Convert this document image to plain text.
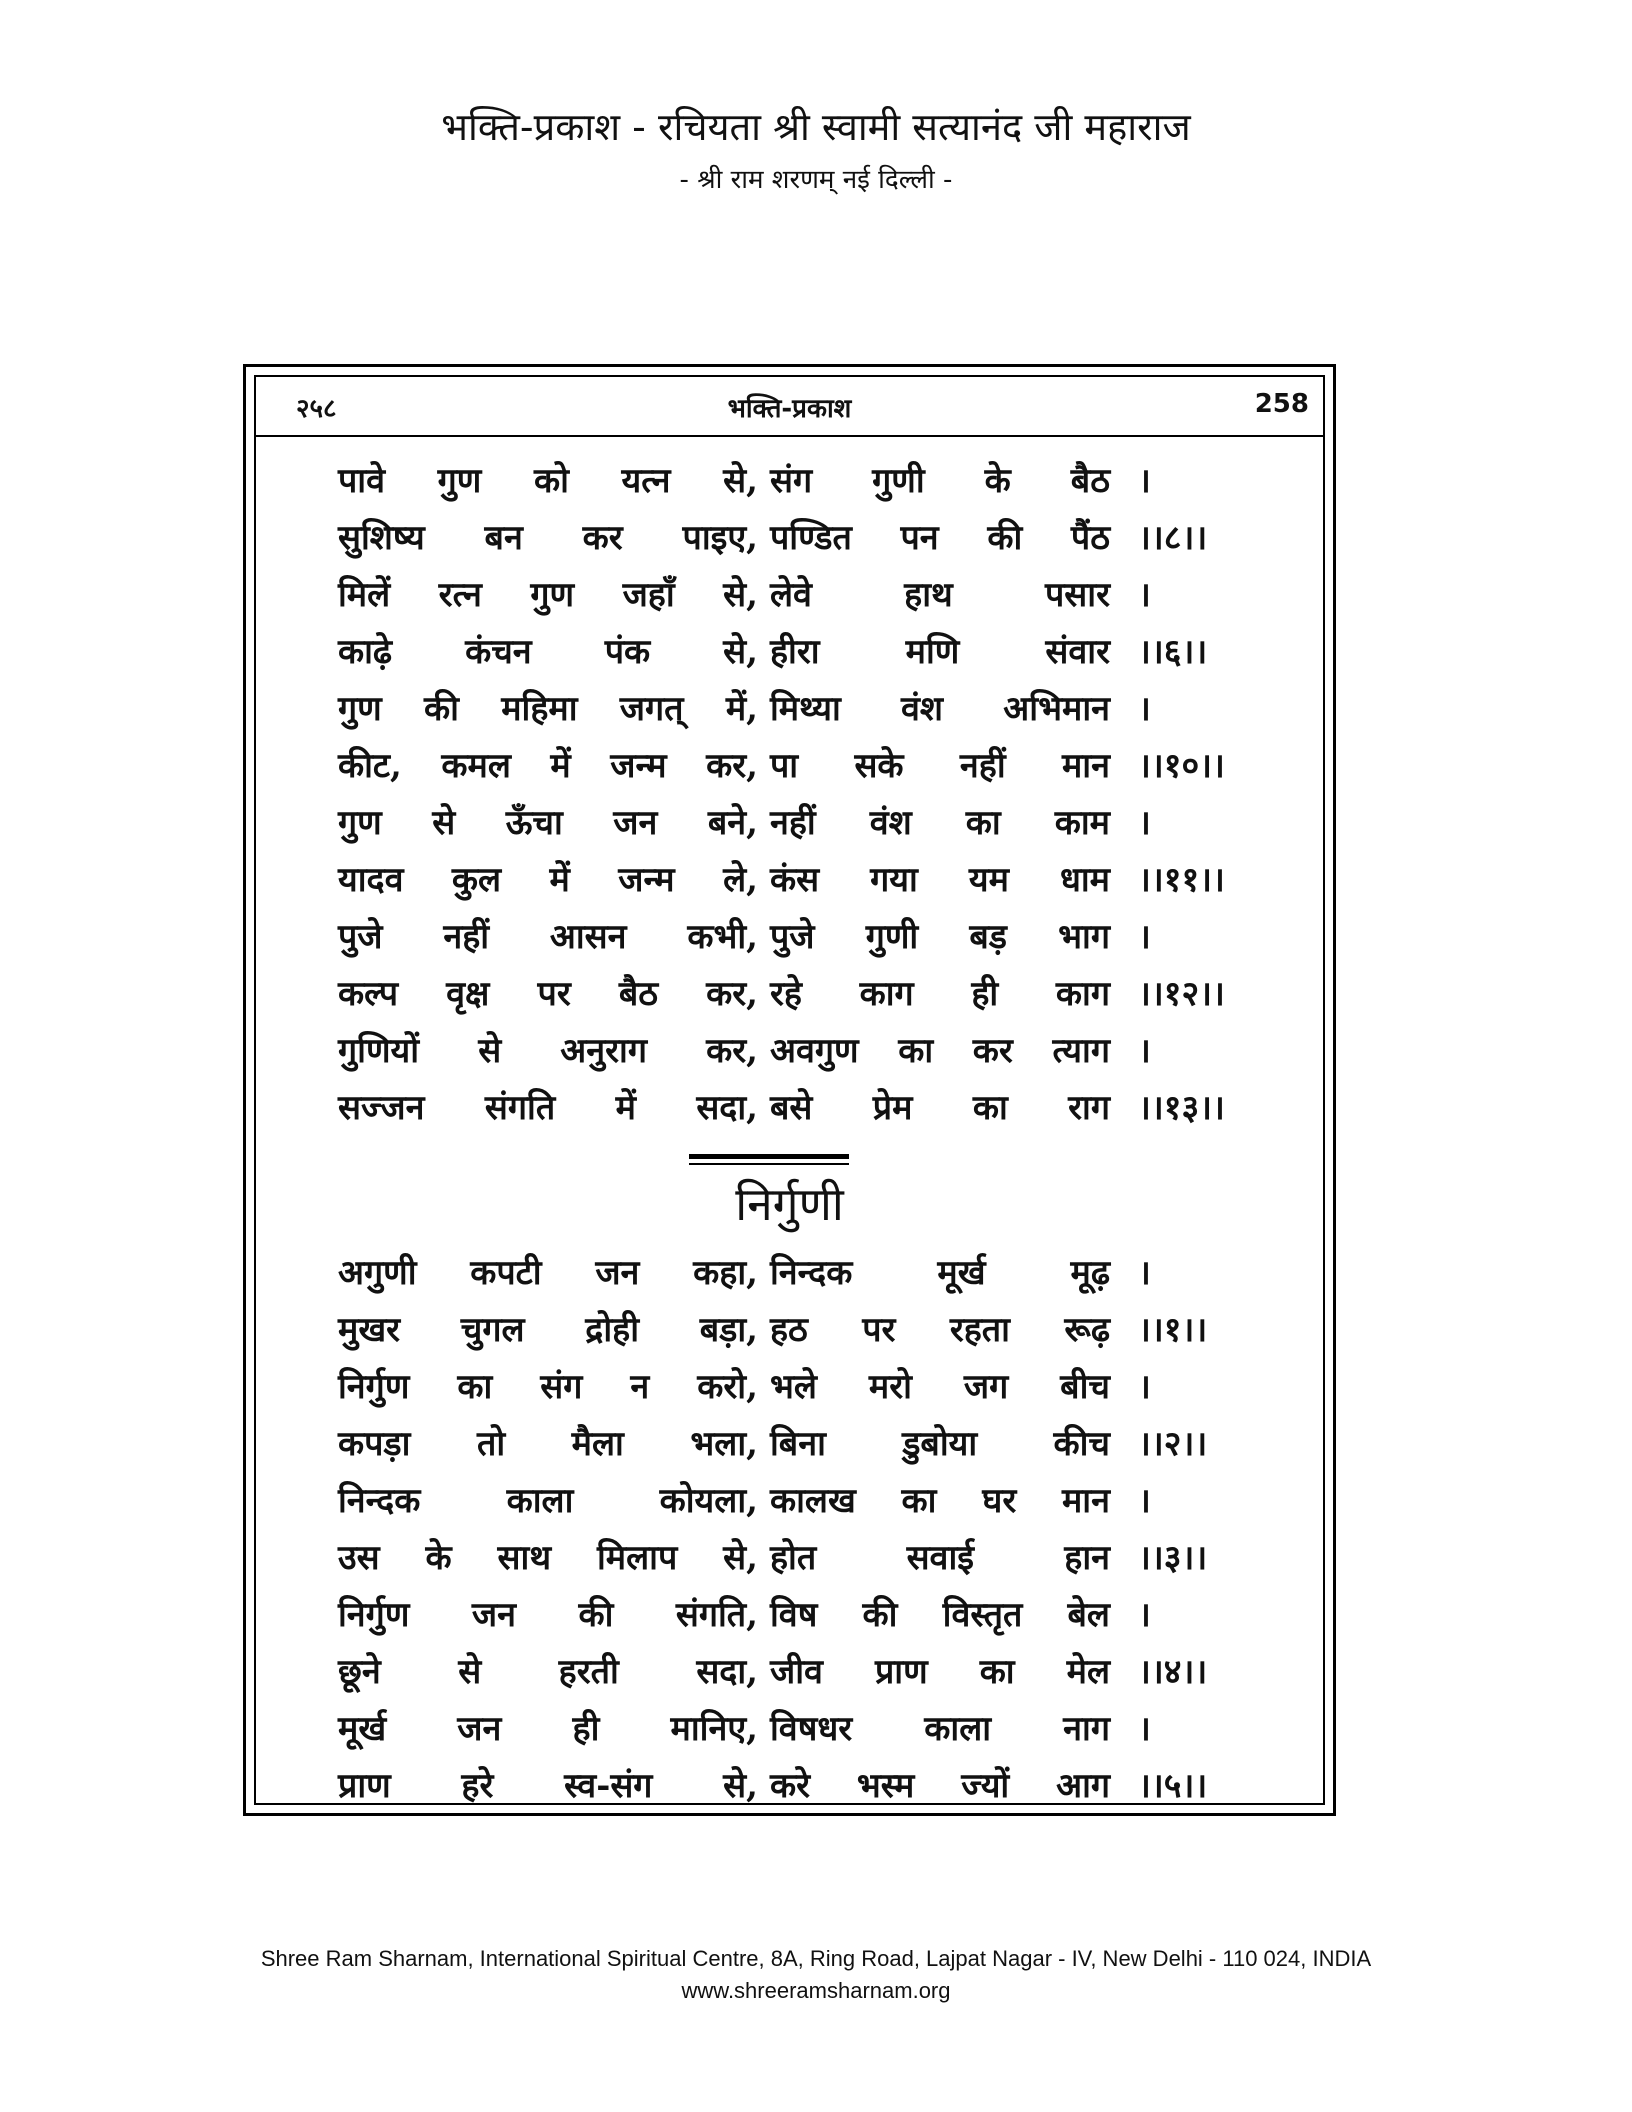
भक्ति-प्रकाश - रचियता श्री स्वामी सत्यानंद जी महाराज
- श्री राम शरणम् नई दिल्ली -
२५८	भक्ति-प्रकाश	258
पावे गुण को यत्न से, संग गुणी के बैठ ।
सुशिष्य बन कर पाइए, पण्डित पन की पैंठ ।।८।।
मिलें रत्न गुण जहाँ से, लेवे	हाथ	पसार ।
काढ़े कंचन पंक से, हीरा	मणि	संवार ।।६।।
गुण की महिमा जगत् में, मिथ्या वंश अभिमान ।
कीट, कमल में जन्म कर, पा सके नहीं मान ।।१०।।
गुण से ऊँचा जन बने, नहीं वंश का काम ।
यादव कुल में जन्म ले, कंस गया यम धाम ।।११।।
पुजे नहीं आसन कभी, पुजे गुणी बड़ भाग ।
कल्प वृक्ष पर बैठ कर, रहे काग ही काग ।।१२।।
गुणियों से अनुराग कर, अवगुण का कर त्याग ।
सज्जन संगति में सदा, बसे प्रेम का राग ।।१३।।
निर्गुणी
अगुणी कपटी जन कहा, निन्दक	मूर्ख	मूढ़ ।
मुखर चुगल द्रोही बड़ा, हठ पर रहता रूढ़ ।।१।।
निर्गुण का संग न करो, भले मरो जग बीच ।
कपड़ा तो मैला भला, बिना डुबोया कीच ।।२।।
निन्दक	काला	कोयला, कालख का घर मान ।
उस के साथ मिलाप से, होत	सवाई	हान ।।३।।
निर्गुण जन की संगति, विष की विस्तृत बेल ।
छूने से हरती सदा, जीव प्राण का मेल ।।४।।
मूर्ख जन ही मानिए, विषधर काला नाग ।
प्राण हरे स्व-संग से, करे भस्म ज्यों आग ।।५।।
Shree Ram Sharnam, International Spiritual Centre, 8A, Ring Road, Lajpat Nagar - IV, New Delhi - 110 024, INDIA
www.shreeramsharnam.org
